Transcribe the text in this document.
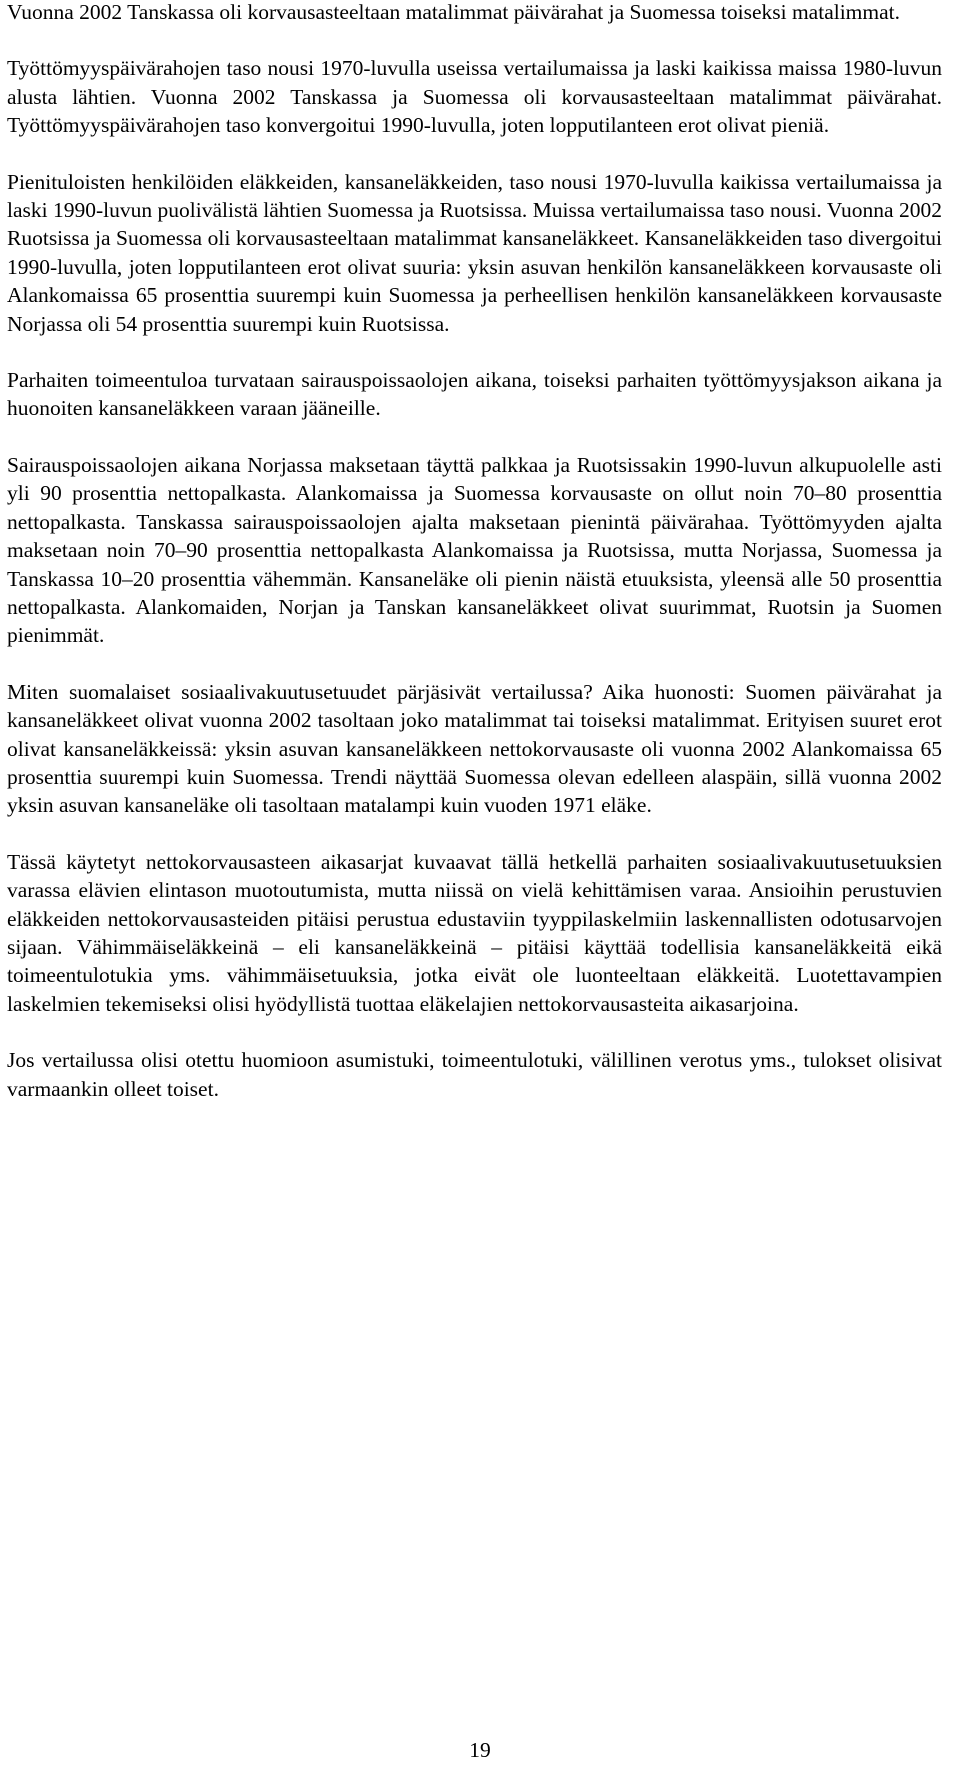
Vuonna 2002 Tanskassa oli korvausasteeltaan matalimmat päivärahat ja Suomessa toiseksi matalimmat.

Työttömyyspäivärahojen taso nousi 1970-luvulla useissa vertailumaissa ja laski kaikissa maissa 1980-luvun alusta lähtien. Vuonna 2002 Tanskassa ja Suomessa oli korvausasteeltaan matalimmat päivärahat. Työttömyyspäivärahojen taso konvergoitui 1990-luvulla, joten lopputilanteen erot olivat pieniä.

Pienituloisten henkilöiden eläkkeiden, kansaneläkkeiden, taso nousi 1970-luvulla kaikissa vertailumaissa ja laski 1990-luvun puolivälistä lähtien Suomessa ja Ruotsissa. Muissa vertailumaissa taso nousi. Vuonna 2002 Ruotsissa ja Suomessa oli korvausasteeltaan matalimmat kansaneläkkeet. Kansaneläkkeiden taso divergoitui 1990-luvulla, joten lopputilanteen erot olivat suuria: yksin asuvan henkilön kansaneläkkeen korvausaste oli Alankomaissa 65 prosenttia suurempi kuin Suomessa ja perheellisen henkilön kansaneläkkeen korvausaste Norjassa oli 54 prosenttia suurempi kuin Ruotsissa.

Parhaiten toimeentuloa turvataan sairauspoissaolojen aikana, toiseksi parhaiten työttömyysjakson aikana ja huonoiten kansaneläkkeen varaan jääneille.

Sairauspoissaolojen aikana Norjassa maksetaan täyttä palkkaa ja Ruotsissakin 1990-luvun alkupuolelle asti yli 90 prosenttia nettopalkasta. Alankomaissa ja Suomessa korvausaste on ollut noin 70–80 prosenttia nettopalkasta. Tanskassa sairauspoissaolojen ajalta maksetaan pienintä päivärahaa. Työttömyyden ajalta maksetaan noin 70–90 prosenttia nettopalkasta Alankomaissa ja Ruotsissa, mutta Norjassa, Suomessa ja Tanskassa 10–20 prosenttia vähemmän. Kansaneläke oli pienin näistä etuuksista, yleensä alle 50 prosenttia nettopalkasta. Alankomaiden, Norjan ja Tanskan kansaneläkkeet olivat suurimmat, Ruotsin ja Suomen pienimmät.

Miten suomalaiset sosiaalivakuutusetuudet pärjäsivät vertailussa? Aika huonosti: Suomen päivärahat ja kansaneläkkeet olivat vuonna 2002 tasoltaan joko matalimmat tai toiseksi matalimmat. Erityisen suuret erot olivat kansaneläkkeissä: yksin asuvan kansaneläkkeen nettokorvausaste oli vuonna 2002 Alankomaissa 65 prosenttia suurempi kuin Suomessa. Trendi näyttää Suomessa olevan edelleen alaspäin, sillä vuonna 2002 yksin asuvan kansaneläke oli tasoltaan matalampi kuin vuoden 1971 eläke.

Tässä käytetyt nettokorvausasteen aikasarjat kuvaavat tällä hetkellä parhaiten sosiaalivakuutusetuuksien varassa elävien elintason muotoutumista, mutta niissä on vielä kehittämisen varaa. Ansioihin perustuvien eläkkeiden nettokorvausasteiden pitäisi perustua edustaviin tyyppilaskelmiin laskennallisten odotusarvojen sijaan. Vähimmäiseläkkeinä – eli kansaneläkkeinä – pitäisi käyttää todellisia kansaneläkkeitä eikä toimeentulotukia yms. vähimmäisetuuksia, jotka eivät ole luonteeltaan eläkkeitä. Luotettavampien laskelmien tekemiseksi olisi hyödyllistä tuottaa eläkelajien nettokorvausasteita aikasarjoina.

Jos vertailussa olisi otettu huomioon asumistuki, toimeentulotuki, välillinen verotus yms., tulokset olisivat varmaankin olleet toiset.

19
